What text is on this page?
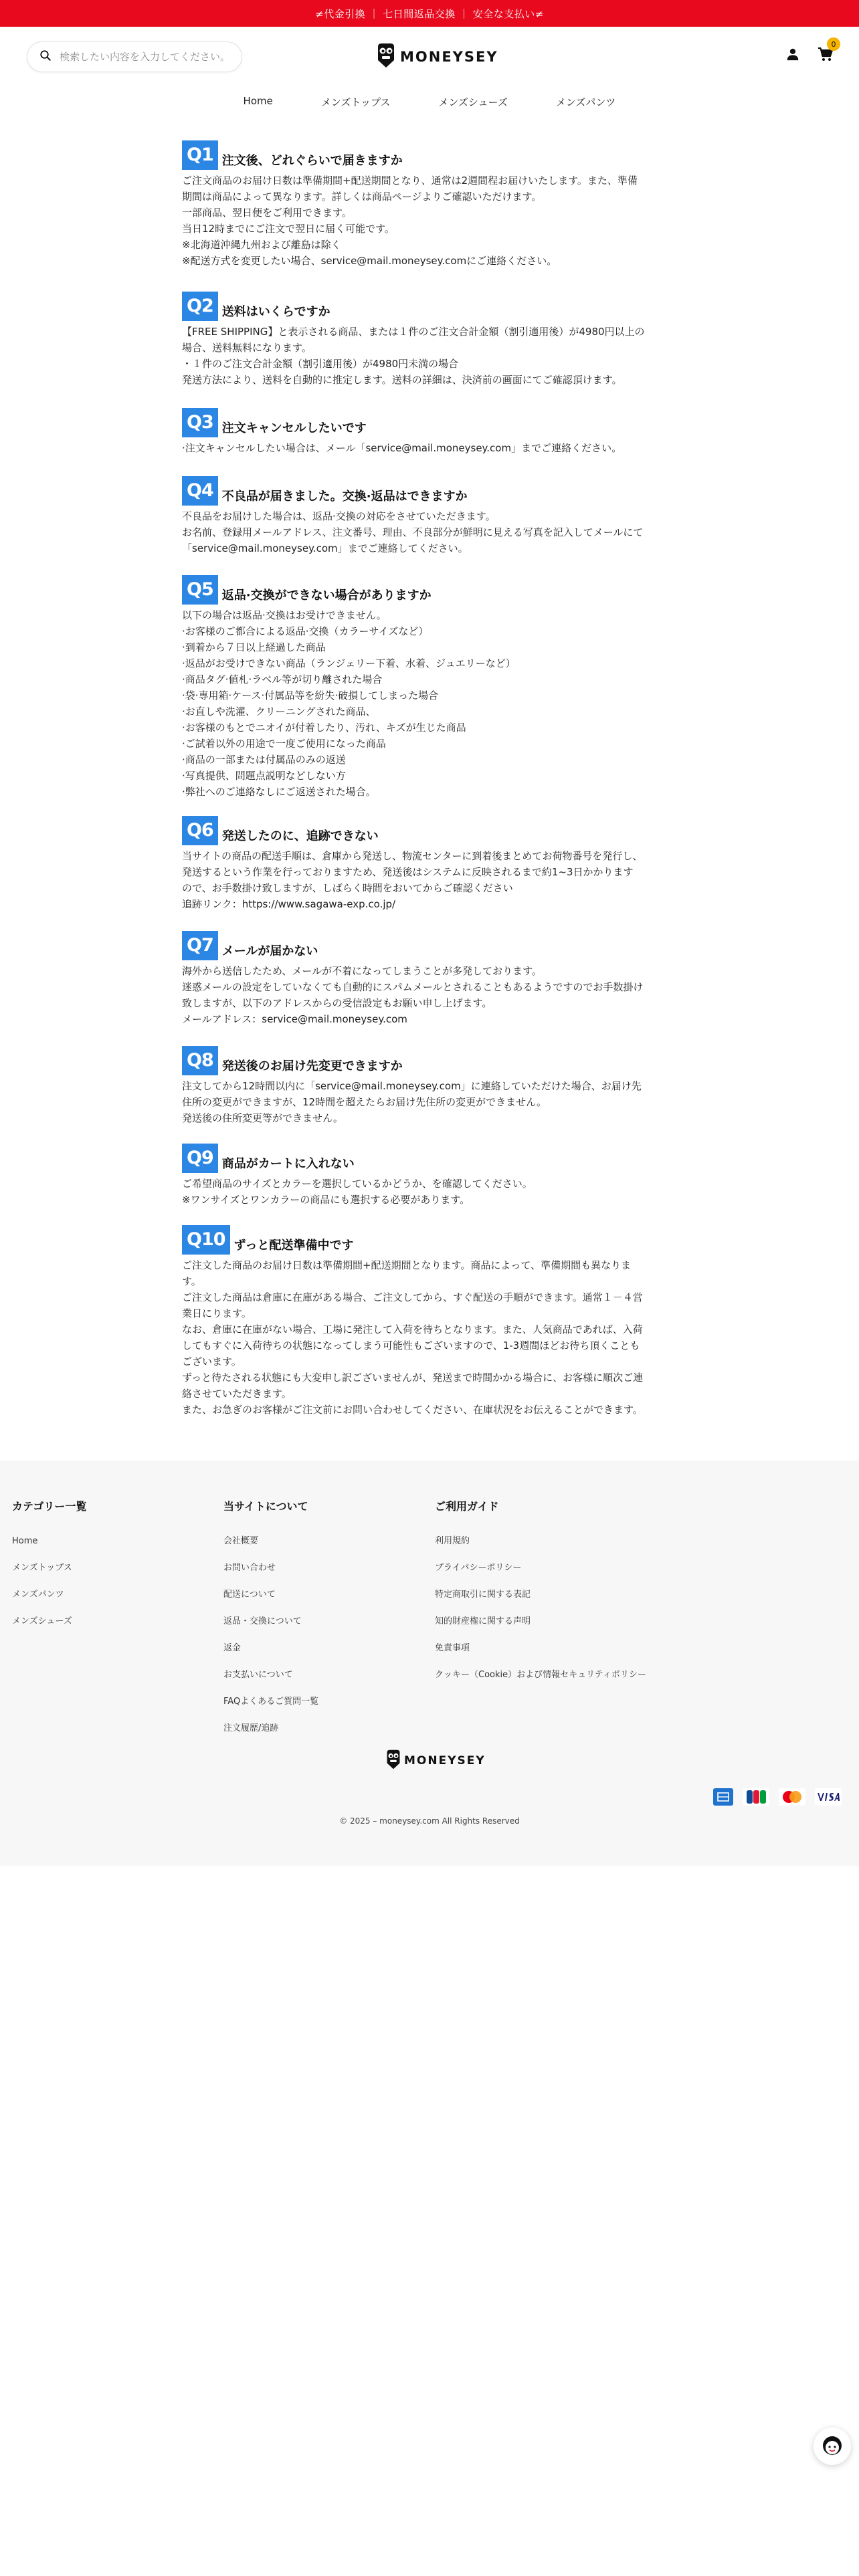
≠代金引換 ｜ 七日間返品交換 ｜ 安全な支払い≠
検索したい内容を入力してください。
MONEYSEY
0
Home	メンズトップス	メンズシューズ	メンズパンツ
Q1 注文後、どれぐらいで届きますか
ご注文商品のお届け日数は準備期間+配送期間となり、通常は2週間程お届けいたします。また、準備
期間は商品によって異なります。詳しくは商品ページよりご確認いただけます。
一部商品、翌日便をご利用できます。
当日12時までにご注文で翌日に届く可能です。
※北海道沖縄九州および離島は除く
※配送方式を変更したい場合、service@mail.moneysey.comにご連絡ください。
Q2 送料はいくらですか
【FREE SHIPPING】と表示される商品、または１件のご注文合計金額（割引適用後）が4980円以上の
場合、送料無料になります。
・１件のご注文合計金額（割引適用後）が4980円未満の場合
発送方法により、送料を自動的に推定します。送料の詳細は、決済前の画面にてご確認頂けます。
Q3 注文キャンセルしたいです
·注文キャンセルしたい場合は、メール「service@mail.moneysey.com」までご連絡ください。
Q4 不良品が届きました。交換·返品はできますか
不良品をお届けした場合は、返品·交換の対応をさせていただきます。
お名前、登録用メールアドレス、注文番号、理由、不良部分が鮮明に見える写真を記入してメールにて
「service@mail.moneysey.com」までご連絡してください。
Q5 返品·交換ができない場合がありますか
以下の場合は返品·交換はお受けできません。
·お客様のご都合による返品·交換（カラーサイズなど）
·到着から７日以上経過した商品
·返品がお受けできない商品（ランジェリー下着、水着、ジュエリーなど）
·商品タグ·値札·ラベル等が切り離された場合
·袋·専用箱·ケース·付属品等を紛失·破損してしまった場合
·お直しや洗濯、クリーニングされた商品、
·お客様のもとでニオイが付着したり、汚れ、キズが生じた商品
·ご試着以外の用途で一度ご使用になった商品
·商品の一部または付属品のみの返送
·写真提供、問題点説明などしない方
·弊社へのご連絡なしにご返送された場合。
Q6 発送したのに、追跡できない
当サイトの商品の配送手順は、倉庫から発送し、物流センターに到着後まとめてお荷物番号を発行し、
発送するという作業を行っておりますため、発送後はシステムに反映されるまで約1~3日かかります
ので、お手数掛け致しますが、しばらく時間をおいてからご確認ください
追跡リンク：https://www.sagawa-exp.co.jp/
Q7 メールが届かない
海外から送信したため、メールが不着になってしまうことが多発しております。
迷惑メールの設定をしていなくても自動的にスパムメールとされることもあるようですのでお手数掛け
致しますが、以下のアドレスからの受信設定もお願い申し上げます。
メールアドレス：service@mail.moneysey.com
Q8 発送後のお届け先変更できますか
注文してから12時間以内に「service@mail.moneysey.com」に連絡していただけた場合、お届け先
住所の変更ができますが、12時間を超えたらお届け先住所の変更ができません。
発送後の住所変更等ができません。
Q9 商品がカートに入れない
ご希望商品のサイズとカラーを選択しているかどうか、を確認してください。
※ワンサイズとワンカラーの商品にも選択する必要があります。
Q10 ずっと配送準備中です
ご注文した商品のお届け日数は準備期間+配送期間となります。商品によって、準備期間も異なりま
す。
ご注文した商品は倉庫に在庫がある場合、ご注文してから、すぐ配送の手順ができます。通常１－４営
業日にります。
なお、倉庫に在庫がない場合、工場に発注して入荷を待ちとなります。また、人気商品であれば、入荷
してもすぐに入荷待ちの状態になってしまう可能性もございますので、1-3週間ほどお待ち頂くことも
ございます。
ずっと待たされる状態にも大変申し訳ございませんが、発送まで時間かかる場合に、お客様に順次ご連
絡させていただきます。
また、お急ぎのお客様がご注文前にお問い合わせしてください、在庫状況をお伝えることができます。
カテゴリー一覧
Home
メンズトップス
メンズパンツ
メンズシューズ
当サイトについて
会社概要
お問い合わせ
配送について
返品・交換について
返金
お支払いについて
FAQよくあるご質問一覧
注文履歴/追跡
ご利用ガイド
利用規約
プライバシーポリシー
特定商取引に関する表記
知的財産権に関する声明
免責事項
クッキー（Cookie）および情報セキュリティポリシー
MONEYSEY
© 2025 – moneysey.com All Rights Reserved
